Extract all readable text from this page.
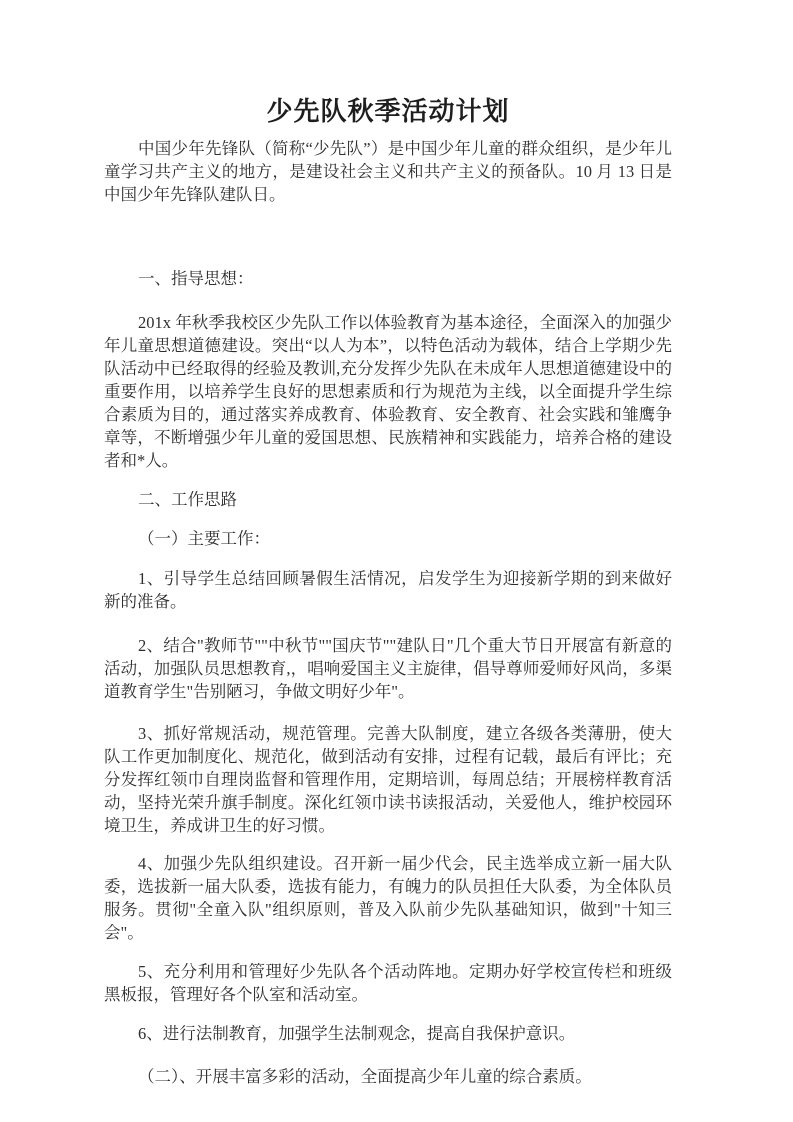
少先队秋季活动计划

中国少年先锋队（简称“少先队”）是中国少年儿童的群众组织，是少年儿童学习共产主义的地方，是建设社会主义和共产主义的预备队。10 月 13 日是中国少年先锋队建队日。

一、指导思想：

201x 年秋季我校区少先队工作以体验教育为基本途径，全面深入的加强少年儿童思想道德建设。突出“以人为本”，以特色活动为载体，结合上学期少先队活动中已经取得的经验及教训,充分发挥少先队在未成年人思想道德建设中的重要作用，以培养学生良好的思想素质和行为规范为主线，以全面提升学生综合素质为目的，通过落实养成教育、体验教育、安全教育、社会实践和雏鹰争章等，不断增强少年儿童的爱国思想、民族精神和实践能力，培养合格的建设者和*人。

二、工作思路

（一）主要工作：

1、引导学生总结回顾暑假生活情况，启发学生为迎接新学期的到来做好新的准备。

2、结合"教师节""中秋节""国庆节""建队日"几个重大节日开展富有新意的活动，加强队员思想教育,，唱响爱国主义主旋律，倡导尊师爱师好风尚，多渠道教育学生"告别陋习，争做文明好少年"。

3、抓好常规活动，规范管理。完善大队制度，建立各级各类薄册，使大队工作更加制度化、规范化，做到活动有安排，过程有记载，最后有评比；充分发挥红领巾自理岗监督和管理作用，定期培训，每周总结；开展榜样教育活动，坚持光荣升旗手制度。深化红领巾读书读报活动，关爱他人，维护校园环境卫生，养成讲卫生的好习惯。

4、加强少先队组织建设。召开新一届少代会，民主选举成立新一届大队委，选拔新一届大队委，选拔有能力，有魄力的队员担任大队委，为全体队员服务。贯彻"全童入队"组织原则，普及入队前少先队基础知识，做到"十知三会"。

5、充分利用和管理好少先队各个活动阵地。定期办好学校宣传栏和班级黑板报，管理好各个队室和活动室。

6、进行法制教育，加强学生法制观念，提高自我保护意识。

（二）、开展丰富多彩的活动，全面提高少年儿童的综合素质。
